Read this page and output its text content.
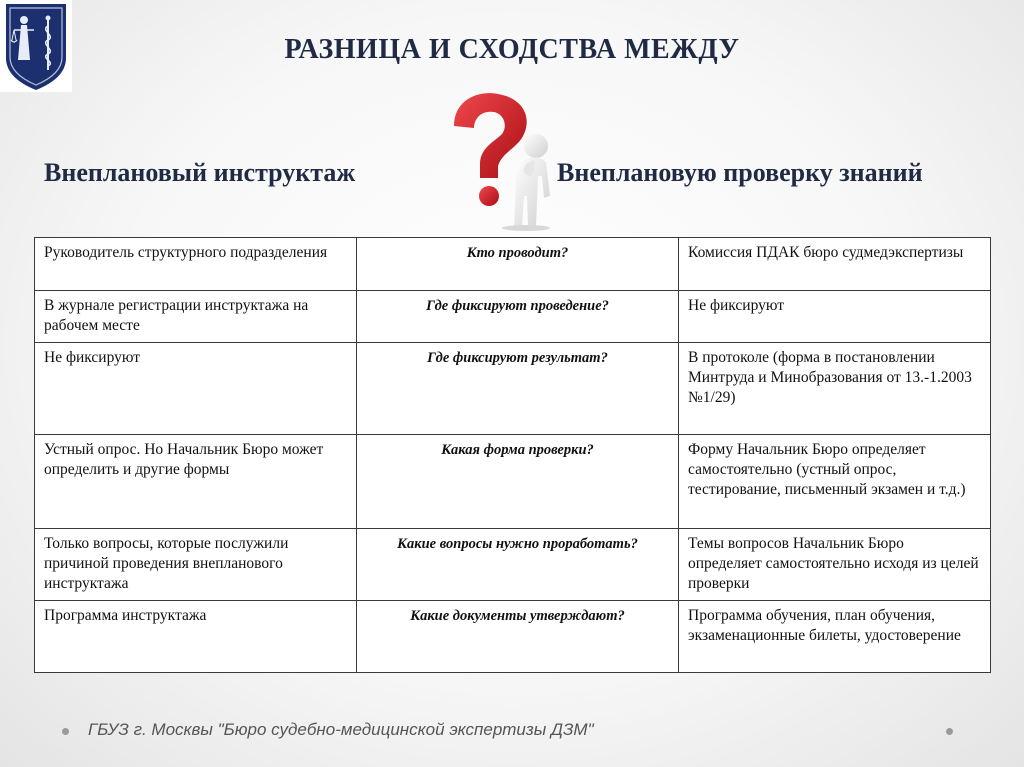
РАЗНИЦА И СХОДСТВА МЕЖДУ
Внеплановый инструктаж	Внеплановую проверку знаний
Руководитель структурного подразделения	Кто проводит?	Комиссия ПДАК бюро судмедэкспертизы
В журнале регистрации инструктажа на рабочем месте	Где фиксируют проведение?	Не фиксируют
Не фиксируют	Где фиксируют результат?	В протоколе (форма в постановлении Минтруда и Минобразования от 13.-1.2003 №1/29)
Устный опрос. Но Начальник Бюро может определить и другие формы	Какая форма проверки?	Форму Начальник Бюро определяет самостоятельно (устный опрос, тестирование, письменный экзамен и т.д.)
Только вопросы, которые послужили причиной проведения внепланового инструктажа	Какие вопросы нужно проработать?	Темы вопросов Начальник Бюро определяет самостоятельно исходя из целей проверки
Программа инструктажа	Какие документы утверждают?	Программа обучения, план обучения, экзаменационные билеты, удостоверение
ГБУЗ г. Москвы "Бюро судебно-медицинской экспертизы ДЗМ"
